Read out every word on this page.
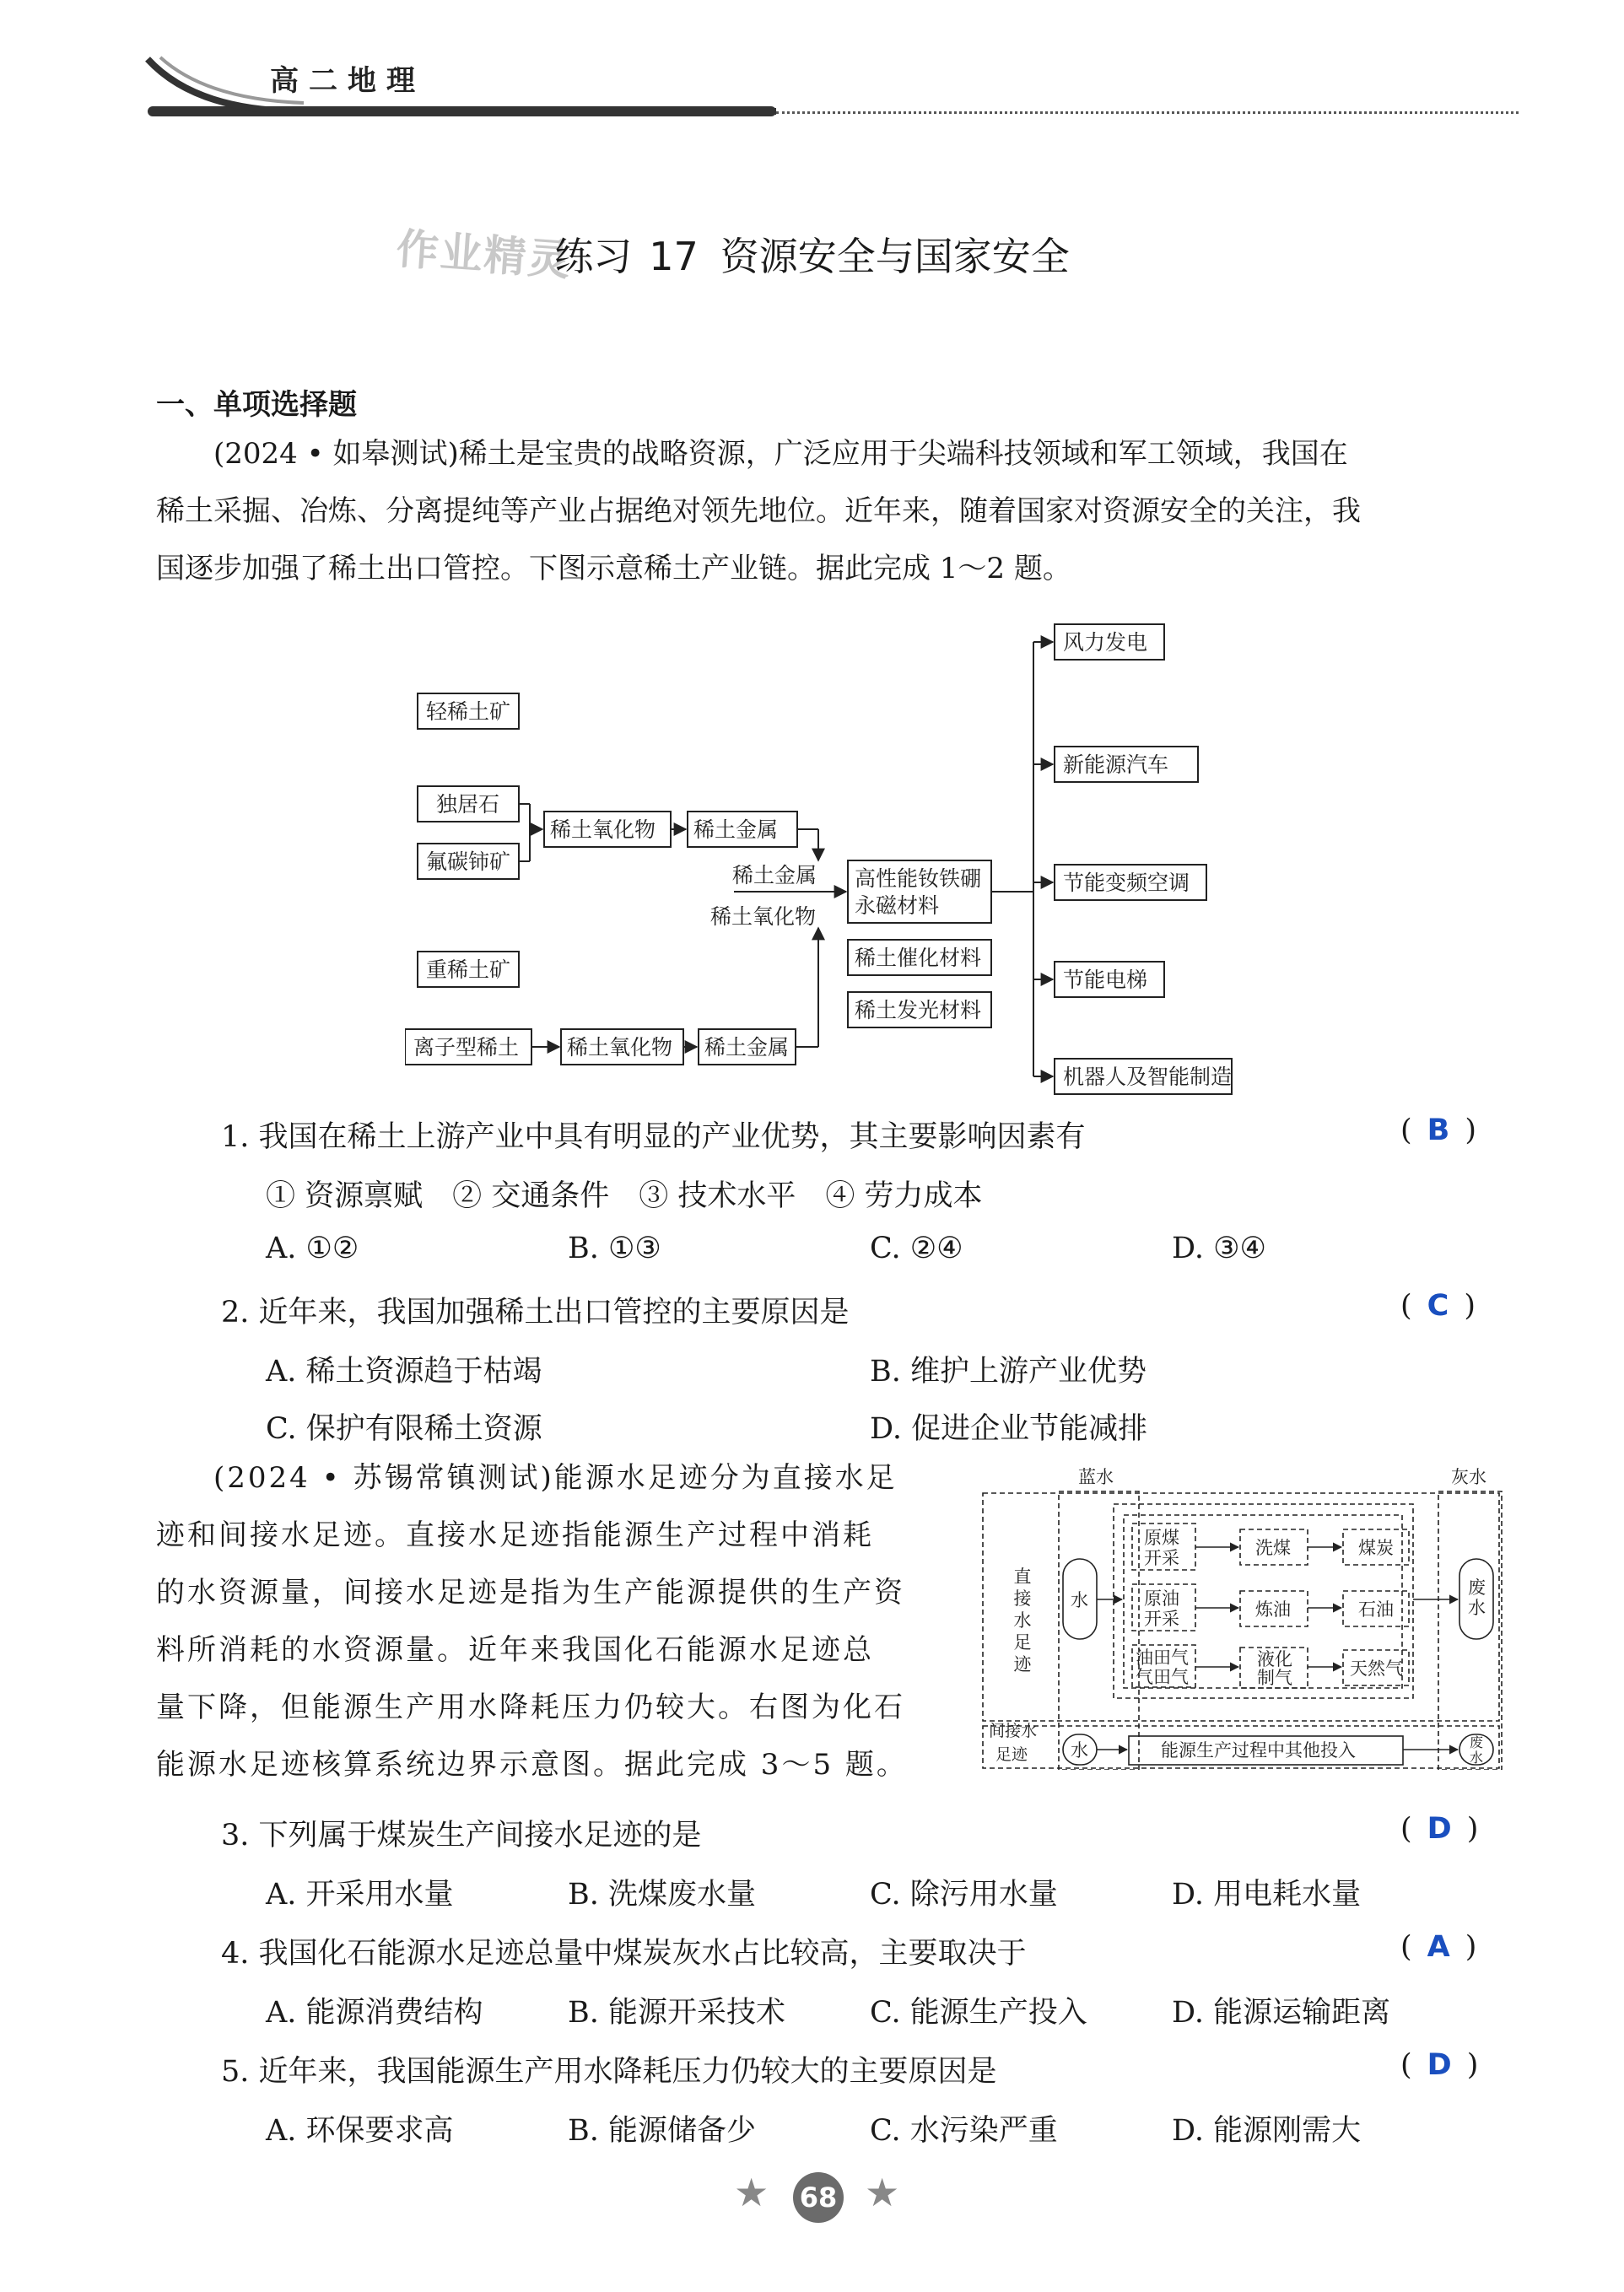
高二地理
作业精灵
练习 17 资源安全与国家安全
一、单项选择题
(2024 • 如皋测试)稀土是宝贵的战略资源，广泛应用于尖端科技领域和军工领域，我国在
稀土采掘、冶炼、分离提纯等产业占据绝对领先地位。近年来，随着国家对资源安全的关注，我
国逐步加强了稀土出口管控。下图示意稀土产业链。据此完成 1～2 题。
轻稀土矿
独居石
氟碳铈矿
稀土氧化物 稀土金属
稀土金属
稀土氧化物
高性能钕铁硼
永磁材料
稀土催化材料
稀土发光材料
重稀土矿
离子型稀土 稀土氧化物 稀土金属
风力发电
新能源汽车
节能变频空调
节能电梯
机器人及智能制造
1. 我国在稀土上游产业中具有明显的产业优势，其主要影响因素有	( B )
① 资源禀赋　② 交通条件　③ 技术水平　④ 劳力成本
A. ①②	B. ①③	C. ②④	D. ③④
2. 近年来，我国加强稀土出口管控的主要原因是	( C )
A. 稀土资源趋于枯竭	B. 维护上游产业优势
C. 保护有限稀土资源	D. 促进企业节能减排
(2024 • 苏锡常镇测试)能源水足迹分为直接水足
迹和间接水足迹。直接水足迹指能源生产过程中消耗
的水资源量，间接水足迹是指为生产能源提供的生产资
料所消耗的水资源量。近年来我国化石能源水足迹总
量下降，但能源生产用水降耗压力仍较大。右图为化石
能源水足迹核算系统边界示意图。据此完成 3～5 题。
蓝水	灰水
间接水
足迹
水
水
原煤
开采	洗煤	煤炭
原油
开采	炼油	石油
油田气
气田气
液化
制气	天然气
能源生产过程中其他投入
直接水足迹
废水
废水
3. 下列属于煤炭生产间接水足迹的是	( D )
A. 开采用水量	B. 洗煤废水量	C. 除污用水量	D. 用电耗水量
4. 我国化石能源水足迹总量中煤炭灰水占比较高，主要取决于	( A )
A. 能源消费结构	B. 能源开采技术	C. 能源生产投入	D. 能源运输距离
5. 近年来，我国能源生产用水降耗压力仍较大的主要原因是	( D )
A. 环保要求高	B. 能源储备少	C. 水污染严重	D. 能源刚需大
★ 68 ★
